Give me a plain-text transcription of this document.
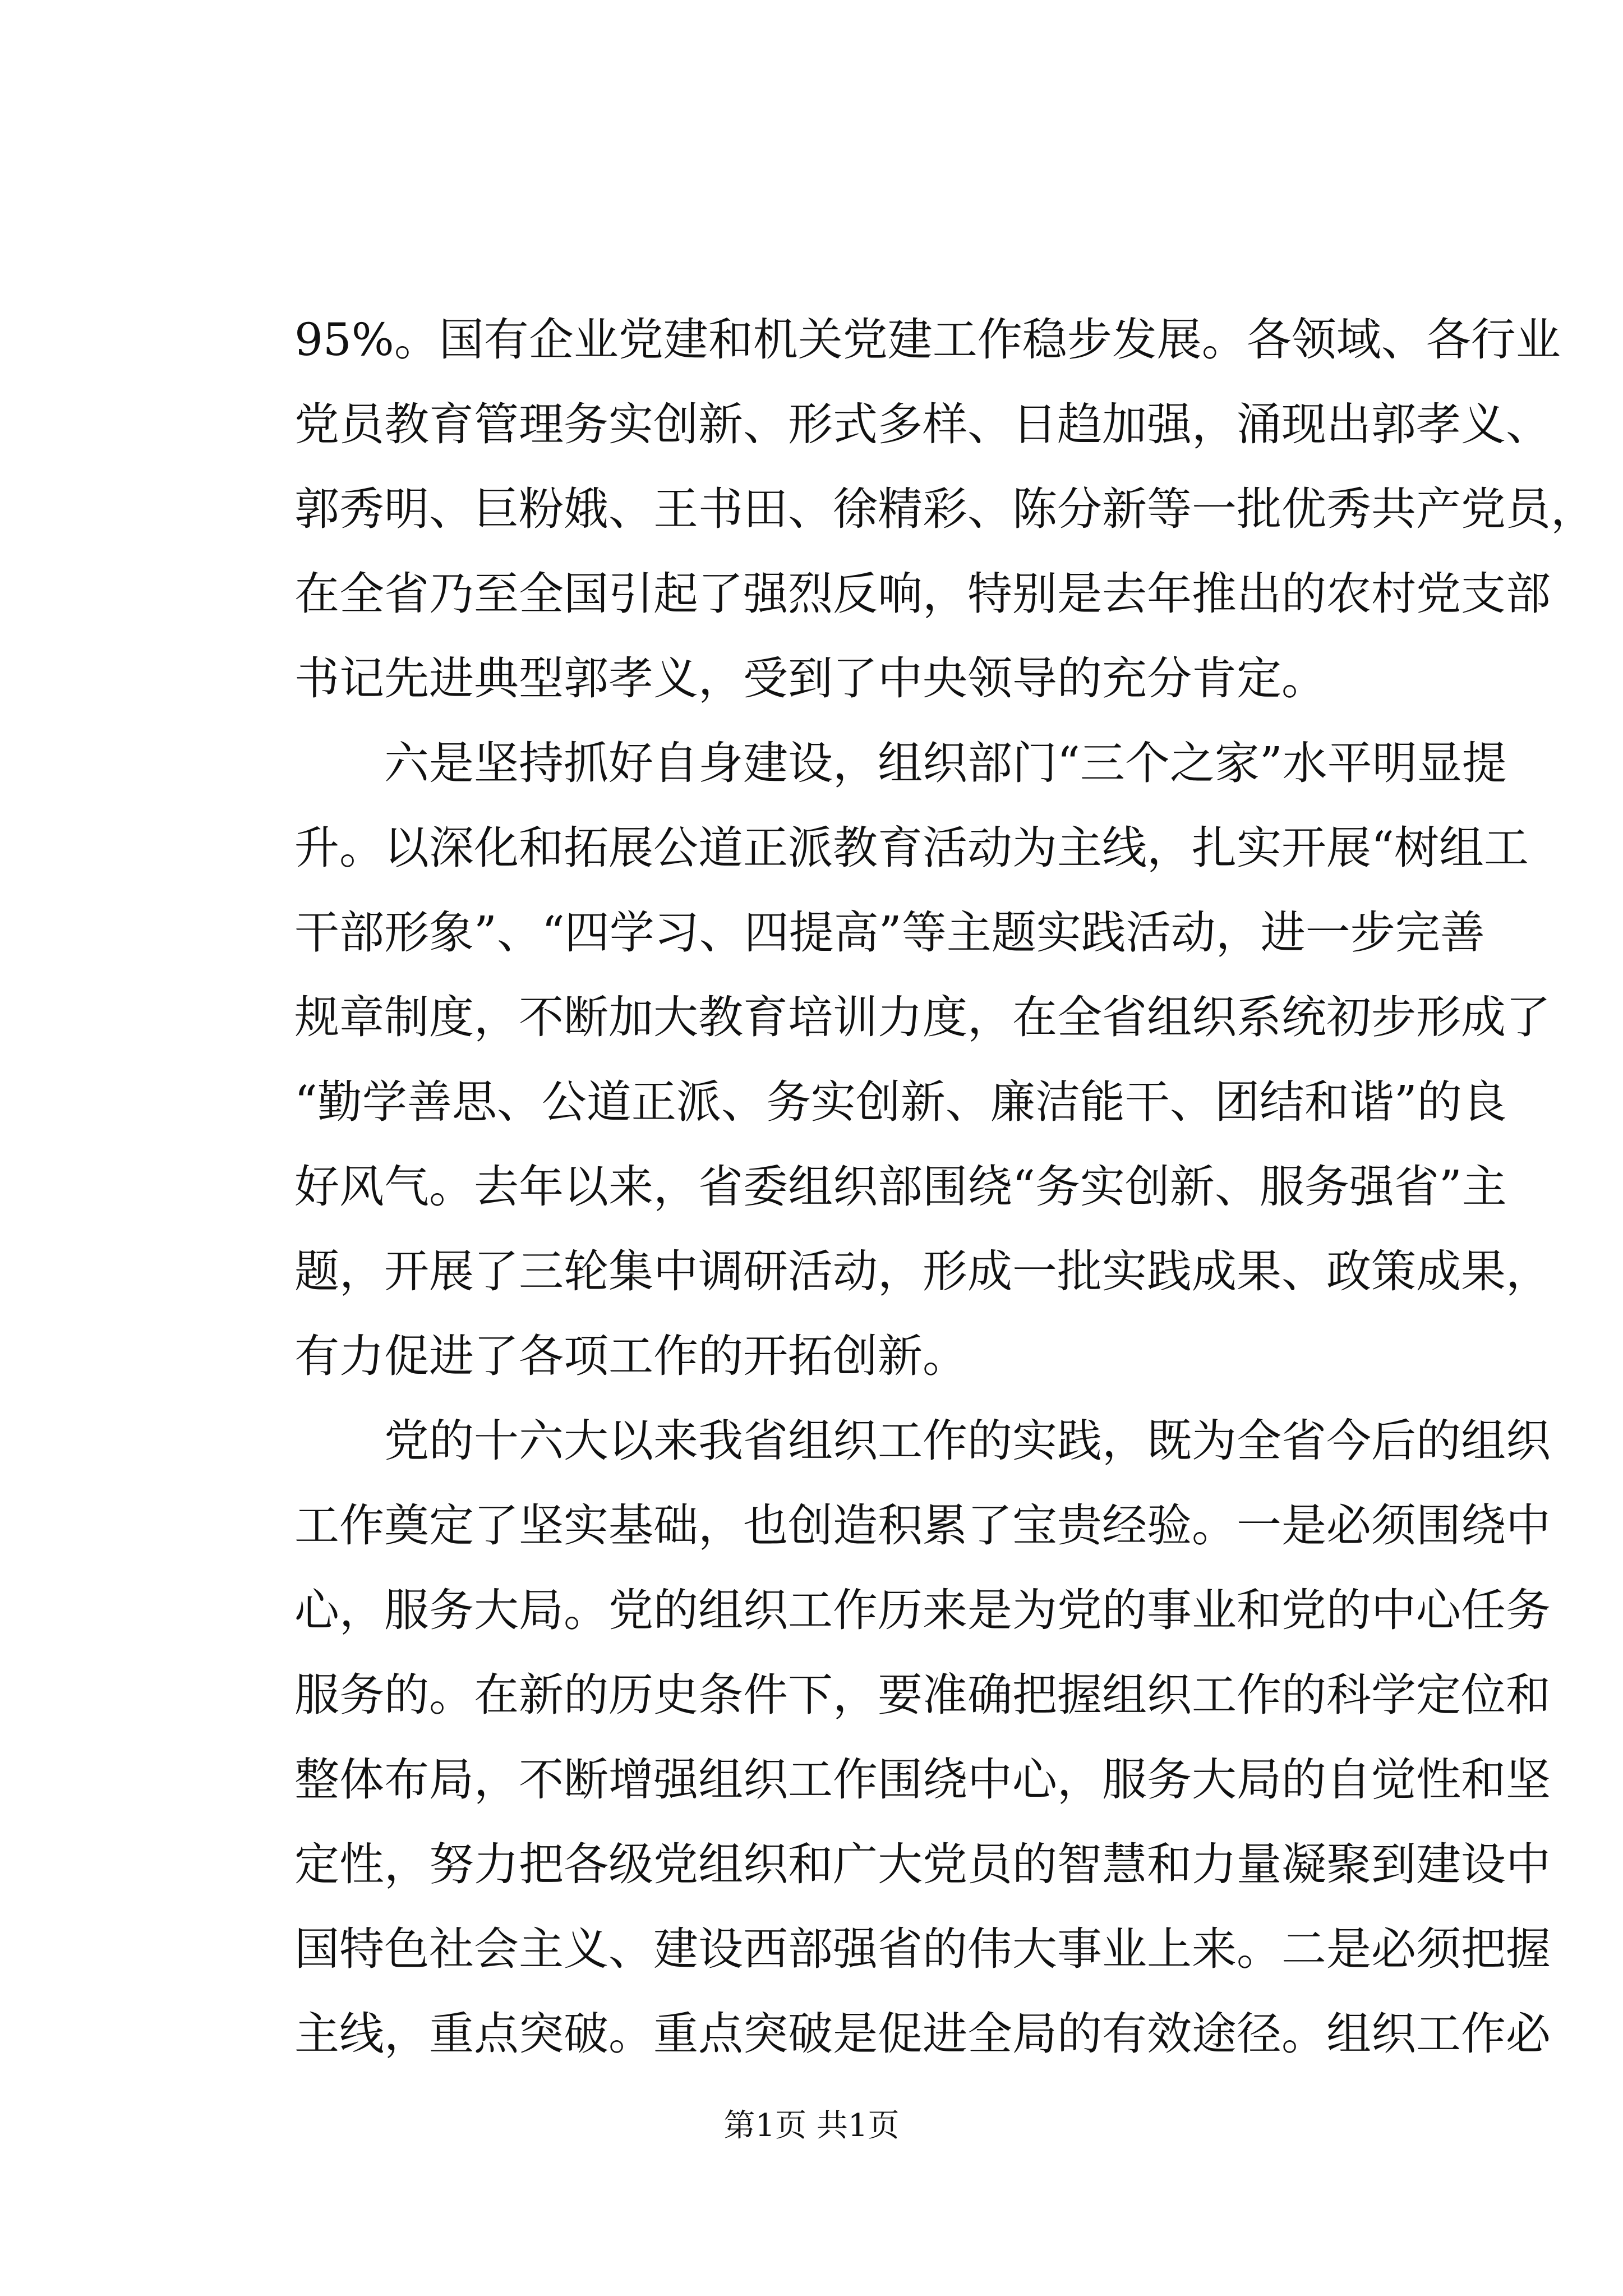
95%。国有企业党建和机关党建工作稳步发展。各领域、各行业
党员教育管理务实创新、形式多样、日趋加强，涌现出郭孝义、
郭秀明、巨粉娥、王书田、徐精彩、陈分新等一批优秀共产党员，
在全省乃至全国引起了强烈反响，特别是去年推出的农村党支部
书记先进典型郭孝义，受到了中央领导的充分肯定。
六是坚持抓好自身建设，组织部门“三个之家”水平明显提
升。以深化和拓展公道正派教育活动为主线，扎实开展“树组工
干部形象”、“四学习、四提高”等主题实践活动，进一步完善
规章制度，不断加大教育培训力度，在全省组织系统初步形成了
“勤学善思、公道正派、务实创新、廉洁能干、团结和谐”的良
好风气。去年以来，省委组织部围绕“务实创新、服务强省”主
题，开展了三轮集中调研活动，形成一批实践成果、政策成果，
有力促进了各项工作的开拓创新。
党的十六大以来我省组织工作的实践，既为全省今后的组织
工作奠定了坚实基础，也创造积累了宝贵经验。一是必须围绕中
心，服务大局。党的组织工作历来是为党的事业和党的中心任务
服务的。在新的历史条件下，要准确把握组织工作的科学定位和
整体布局，不断增强组织工作围绕中心，服务大局的自觉性和坚
定性，努力把各级党组织和广大党员的智慧和力量凝聚到建设中
国特色社会主义、建设西部强省的伟大事业上来。二是必须把握
主线，重点突破。重点突破是促进全局的有效途径。组织工作必
第1页 共1页
